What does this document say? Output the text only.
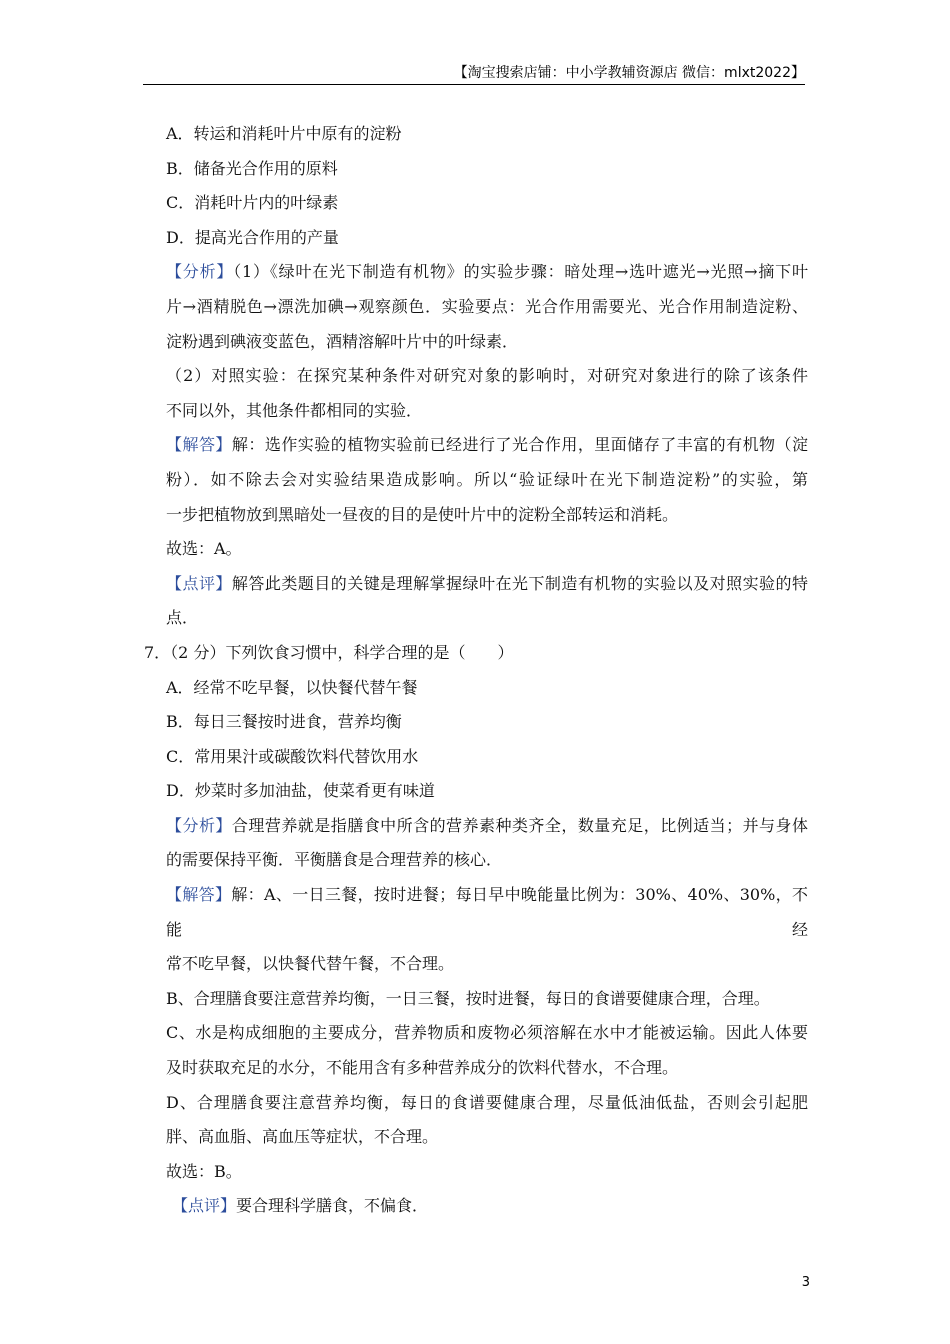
【淘宝搜索店铺：中小学教辅资源店 微信：mlxt2022】
A．转运和消耗叶片中原有的淀粉
B．储备光合作用的原料
C．消耗叶片内的叶绿素
D．提高光合作用的产量
【分析】（1）《绿叶在光下制造有机物》的实验步骤：暗处理→选叶遮光→光照→摘下叶
片→酒精脱色→漂洗加碘→观察颜色．实验要点：光合作用需要光、光合作用制造淀粉、
淀粉遇到碘液变蓝色，酒精溶解叶片中的叶绿素．
（2）对照实验：在探究某种条件对研究对象的影响时，对研究对象进行的除了该条件
不同以外，其他条件都相同的实验．
【解答】解：选作实验的植物实验前已经进行了光合作用，里面储存了丰富的有机物（淀
粉）．如不除去会对实验结果造成影响。所以“验证绿叶在光下制造淀粉”的实验，第
一步把植物放到黑暗处一昼夜的目的是使叶片中的淀粉全部转运和消耗。
故选：A。
【点评】解答此类题目的关键是理解掌握绿叶在光下制造有机物的实验以及对照实验的特
点．
7．（2 分）下列饮食习惯中，科学合理的是（　　）
A．经常不吃早餐，以快餐代替午餐
B．每日三餐按时进食，营养均衡
C．常用果汁或碳酸饮料代替饮用水
D．炒菜时多加油盐，使菜肴更有味道
【分析】合理营养就是指膳食中所含的营养素种类齐全，数量充足，比例适当；并与身体
的需要保持平衡．平衡膳食是合理营养的核心．
【解答】解：A、一日三餐，按时进餐；每日早中晚能量比例为：30%、40%、30%，不能经
常不吃早餐，以快餐代替午餐，不合理。
B、合理膳食要注意营养均衡，一日三餐，按时进餐，每日的食谱要健康合理，合理。
C、水是构成细胞的主要成分，营养物质和废物必须溶解在水中才能被运输。因此人体要
及时获取充足的水分，不能用含有多种营养成分的饮料代替水，不合理。
D、合理膳食要注意营养均衡，每日的食谱要健康合理，尽量低油低盐，否则会引起肥
胖、高血脂、高血压等症状，不合理。
故选：B。
【点评】要合理科学膳食，不偏食．
3
